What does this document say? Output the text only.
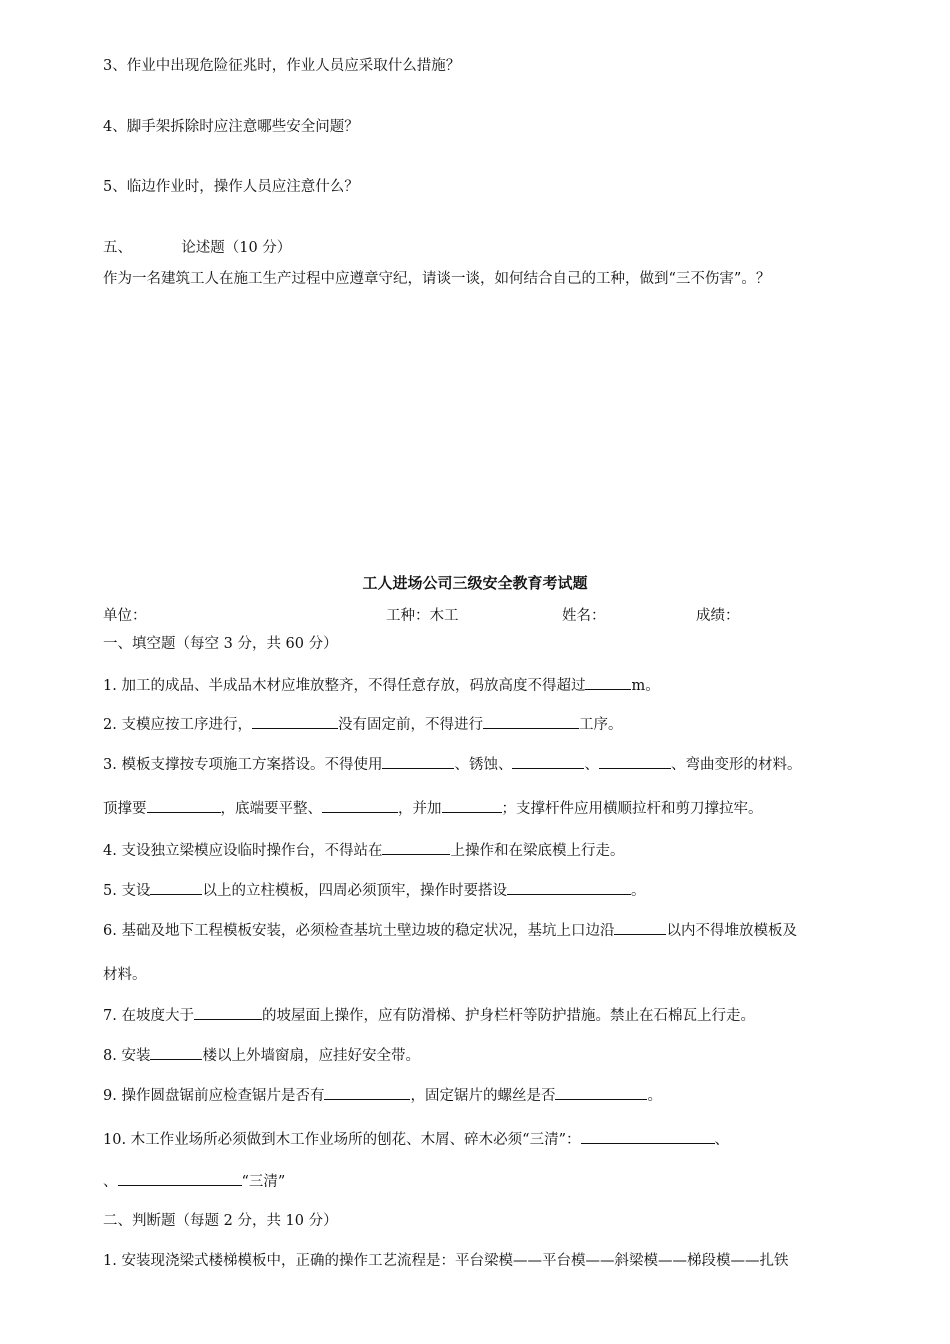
3、作业中出现危险征兆时，作业人员应采取什么措施？
4、脚手架拆除时应注意哪些安全问题？
5、临边作业时，操作人员应注意什么？
五、	论述题（10 分）
作为一名建筑工人在施工生产过程中应遵章守纪，请谈一谈，如何结合自己的工种，做到“三不伤害”。？
工人进场公司三级安全教育考试题
单位：	工种：木工	姓名：	成绩：
一、填空题（每空 3 分，共 60 分）
1. 加工的成品、半成品木材应堆放整齐，不得任意存放，码放高度不得超过	m。
2. 支模应按工序进行，	没有固定前，不得进行	工序。
3. 模板支撑按专项施工方案搭设。不得使用	、锈蚀、	、	、弯曲变形的材料。
顶撑要	，底端要平整、	，并加	；支撑杆件应用横顺拉杆和剪刀撑拉牢。
4. 支设独立梁模应设临时操作台，不得站在	上操作和在梁底模上行走。
5. 支设	以上的立柱模板，四周必须顶牢，操作时要搭设	。
6. 基础及地下工程模板安装，必须检查基坑土壁边坡的稳定状况，基坑上口边沿	以内不得堆放模板及
材料。
7. 在坡度大于	的坡屋面上操作，应有防滑梯、护身栏杆等防护措施。禁止在石棉瓦上行走。
8. 安装	楼以上外墙窗扇，应挂好安全带。
9. 操作圆盘锯前应检查锯片是否有	，固定锯片的螺丝是否	。
10. 木工作业场所必须做到木工作业场所的刨花、木屑、碎木必须“三清”：	、
、	“三清”
二、判断题（每题 2 分，共 10 分）
1. 安装现浇梁式楼梯模板中，正确的操作工艺流程是：平台梁模——平台模——斜梁模——梯段模——扎铁
